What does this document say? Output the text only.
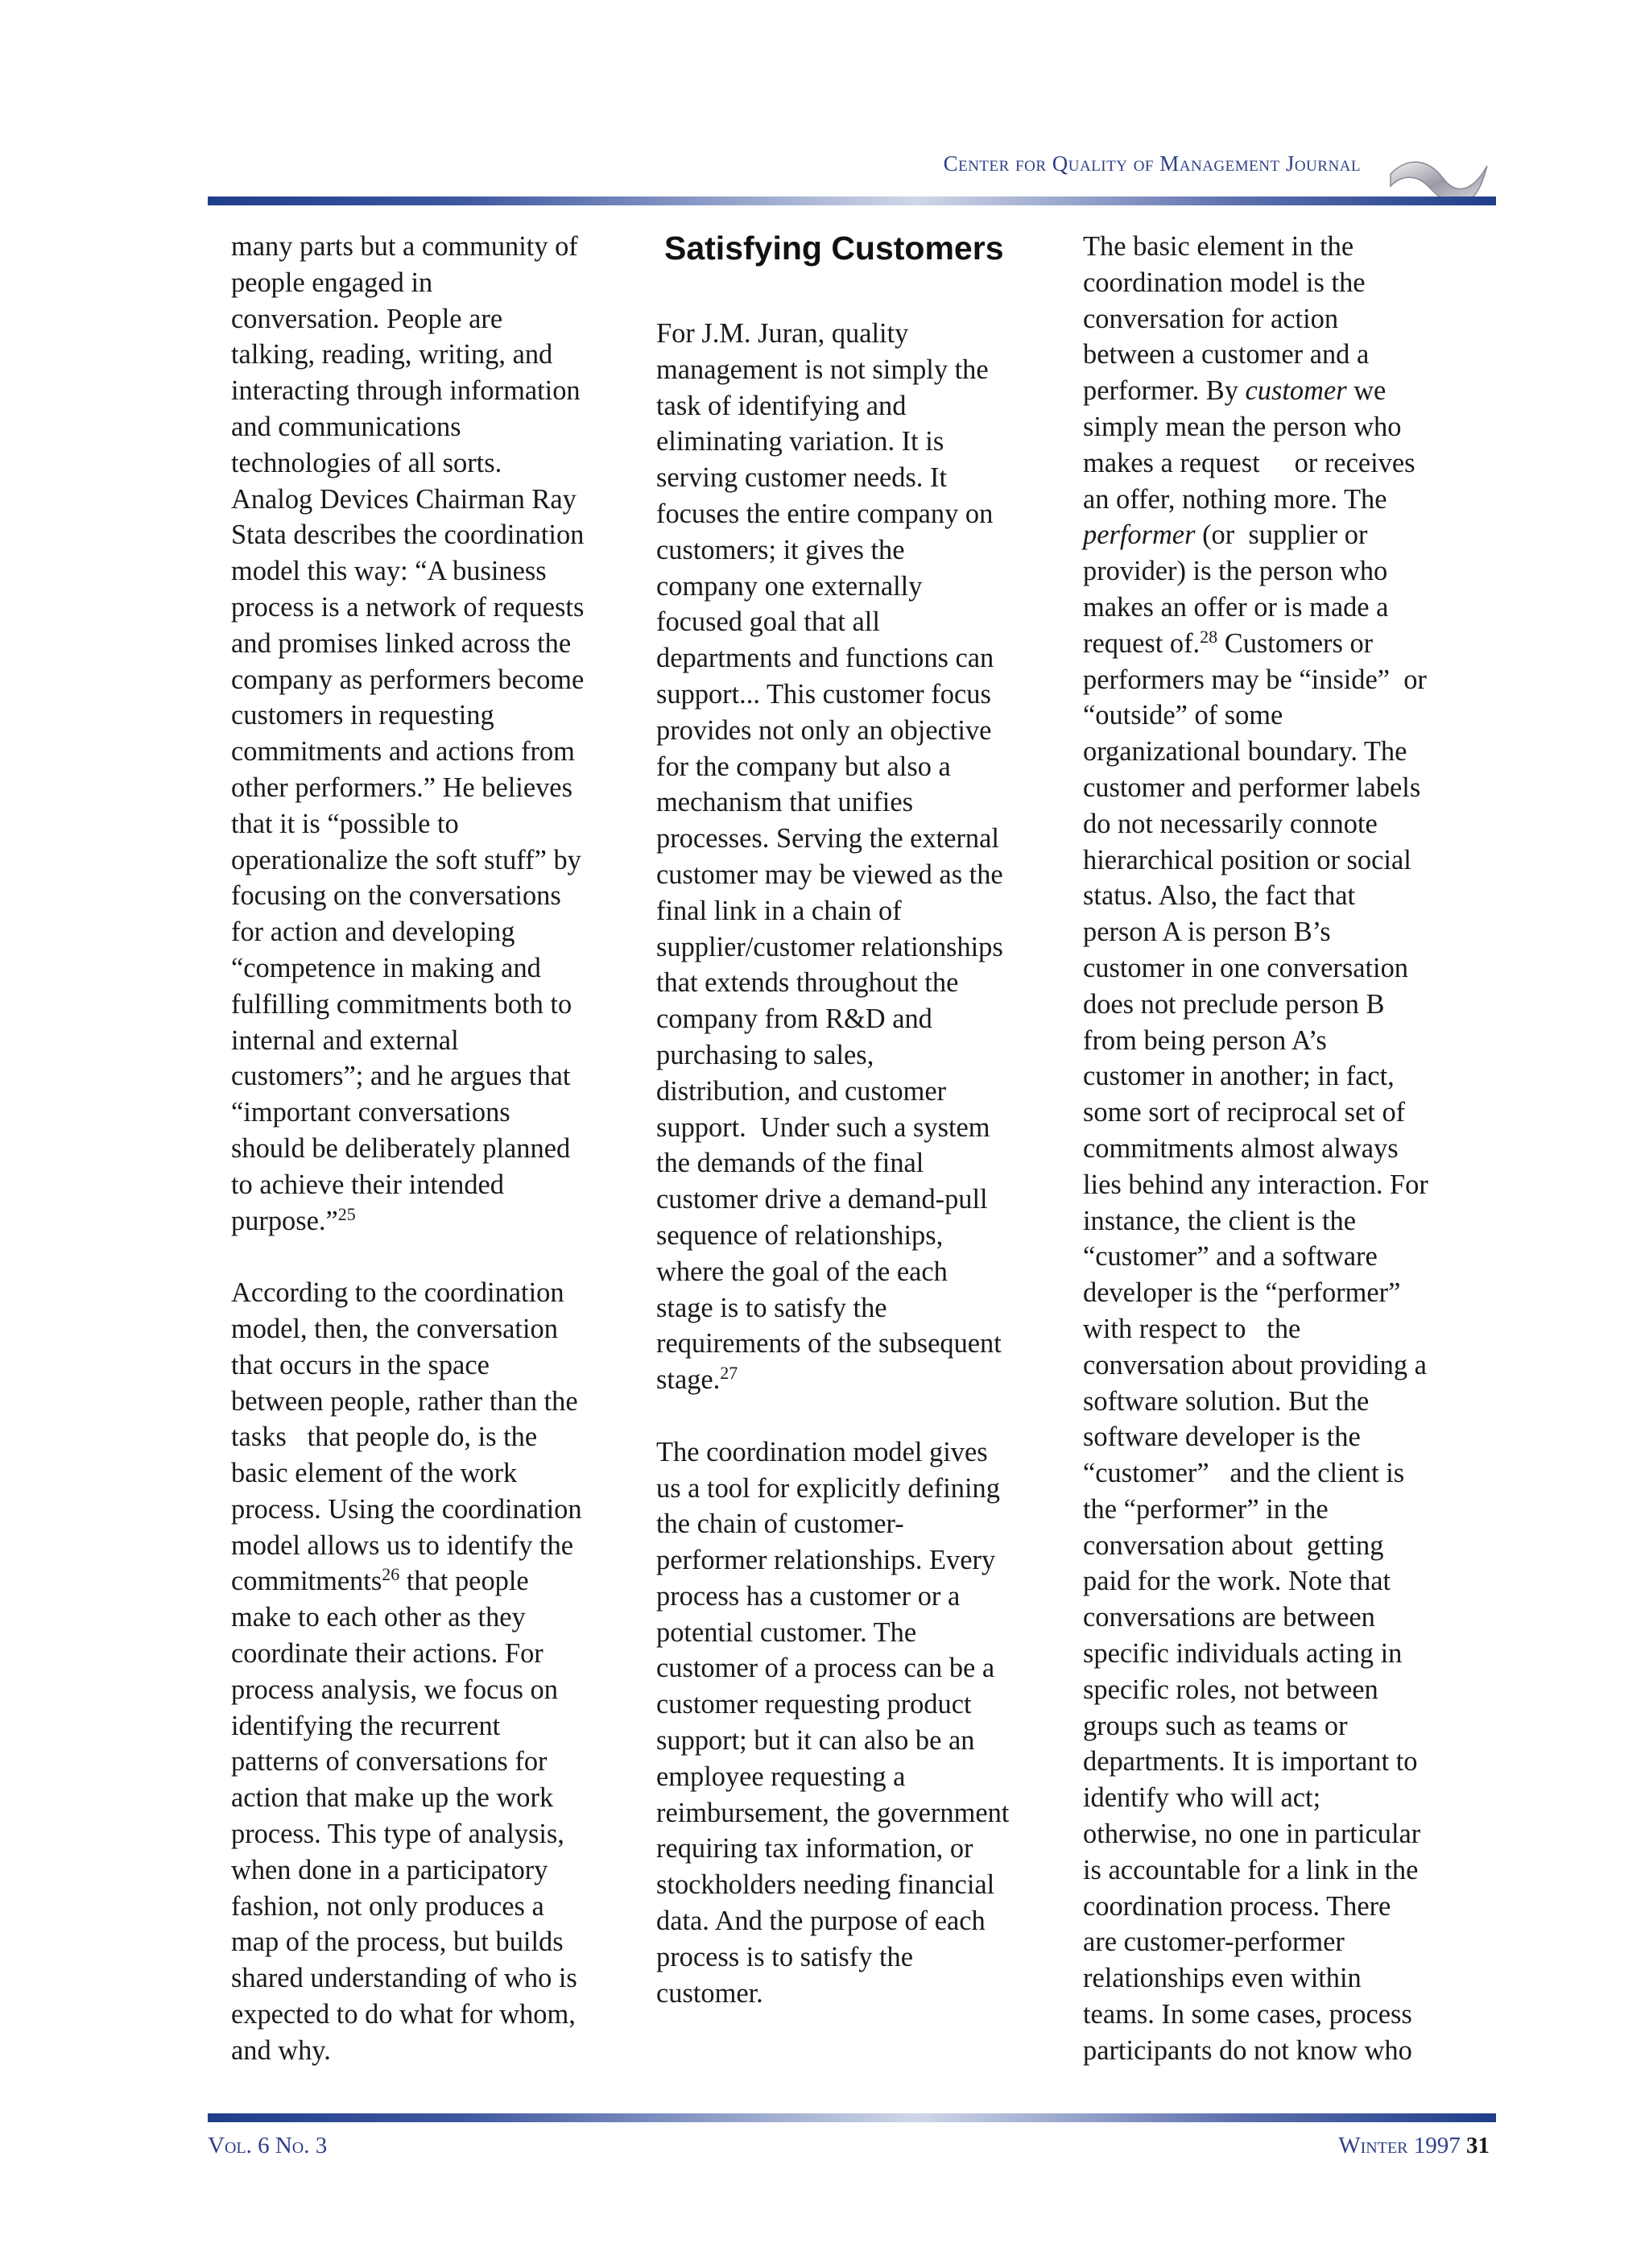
Center for Quality of Management Journal
many parts but a community of
people engaged in
conversation. People are
talking, reading, writing, and
interacting through information
and communications
technologies of all sorts.
Analog Devices Chairman Ray
Stata describes the coordination
model this way: “A business
process is a network of requests
and promises linked across the
company as performers become
customers in requesting
commitments and actions from
other performers.” He believes
that it is “possible to
operationalize the soft stuff” by
focusing on the conversations
for action and developing
“competence in making and
fulfilling commitments both to
internal and external
customers”; and he argues that
“important conversations
should be deliberately planned
to achieve their intended
purpose.”$^{25}$
According to the coordination
model, then, the conversation
that occurs in the space
between people, rather than the
tasks   that people do, is the
basic element of the work
process. Using the coordination
model allows us to identify the
commitments$^{26}$ that people
make to each other as they
coordinate their actions. For
process analysis, we focus on
identifying the recurrent
patterns of conversations for
action that make up the work
process. This type of analysis,
when done in a participatory
fashion, not only produces a
map of the process, but builds
shared understanding of who is
expected to do what for whom,
and why.
Satisfying Customers
For J.M. Juran, quality
management is not simply the
task of identifying and
eliminating variation. It is
serving customer needs. It
focuses the entire company on
customers; it gives the
company one externally
focused goal that all
departments and functions can
support... This customer focus
provides not only an objective
for the company but also a
mechanism that unifies
processes. Serving the external
customer may be viewed as the
final link in a chain of
supplier/customer relationships
that extends throughout the
company from R&D and
purchasing to sales,
distribution, and customer
support.  Under such a system
the demands of the final
customer drive a demand-pull
sequence of relationships,
where the goal of the each
stage is to satisfy the
requirements of the subsequent
stage.$^{27}$
The coordination model gives
us a tool for explicitly defining
the chain of customer-
performer relationships. Every
process has a customer or a
potential customer. The
customer of a process can be a
customer requesting product
support; but it can also be an
employee requesting a
reimbursement, the government
requiring tax information, or
stockholders needing financial
data. And the purpose of each
process is to satisfy the
customer.
The basic element in the
coordination model is the
conversation for action
between a customer and a
performer. By customer we
simply mean the person who
makes a request     or receives
an offer, nothing more. The
performer (or  supplier or
provider) is the person who
makes an offer or is made a
request of.$^{28}$ Customers or
performers may be “inside”  or
“outside” of some
organizational boundary. The
customer and performer labels
do not necessarily connote
hierarchical position or social
status. Also, the fact that
person A is person B’s
customer in one conversation
does not preclude person B
from being person A’s
customer in another; in fact,
some sort of reciprocal set of
commitments almost always
lies behind any interaction. For
instance, the client is the
“customer” and a software
developer is the “performer”
with respect to   the
conversation about providing a
software solution. But the
software developer is the
“customer”   and the client is
the “performer” in the
conversation about  getting
paid for the work. Note that
conversations are between
specific individuals acting in
specific roles, not between
groups such as teams or
departments. It is important to
identify who will act;
otherwise, no one in particular
is accountable for a link in the
coordination process. There
are customer-performer
relationships even within
teams. In some cases, process
participants do not know who
Vol. 6 No. 3	Winter 1997 31
